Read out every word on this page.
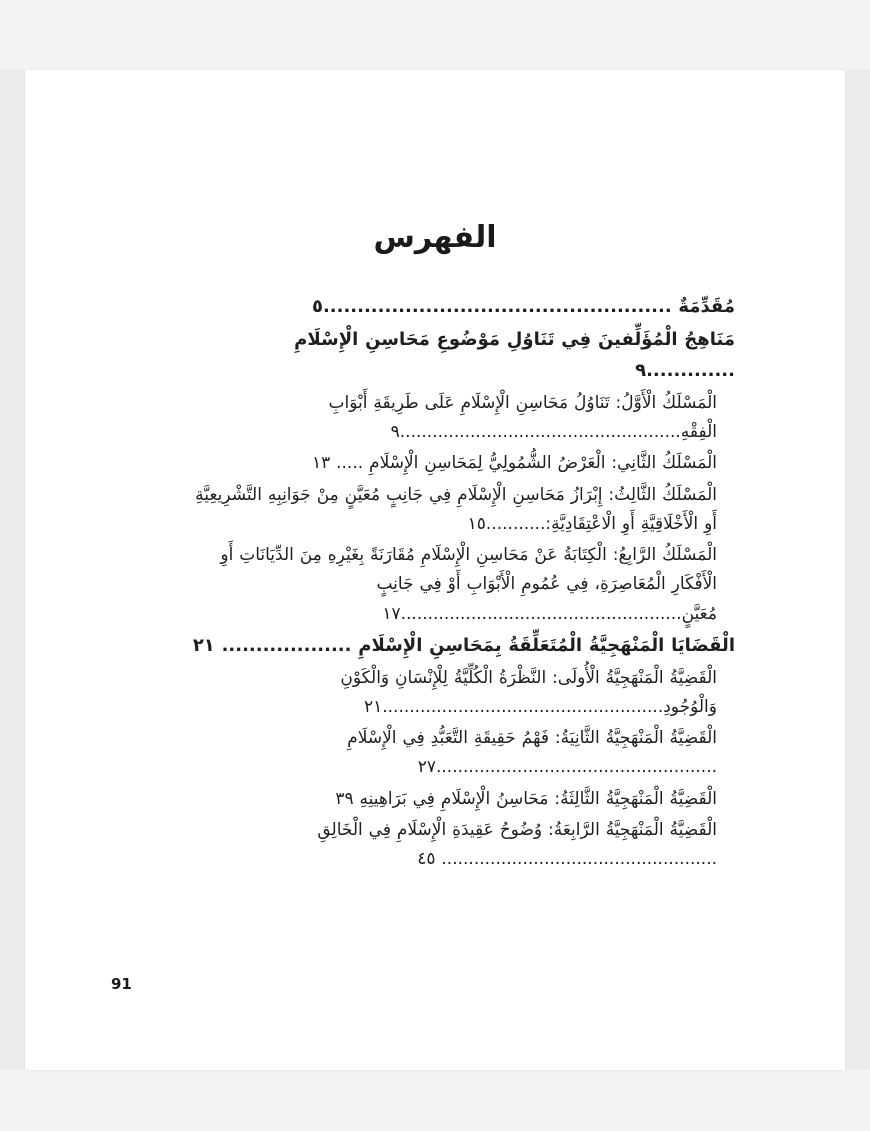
الفهرس
مُقَدِّمَةٌ ...................................................٥
مَنَاهِجُ الْمُؤَلِّفينَ فِي تَنَاوُلِ مَوْضُوعِ مَحَاسِنِ الْإِسْلَامِ .............٩
الْمَسْلَكُ الْأَوَّلُ: تَنَاوُلُ مَحَاسِنِ الْإِسْلَامِ عَلَى طَرِيقَةِ أَبْوَابِ الْفِقْهِ....................................................٩
الْمَسْلَكُ الثَّانِي: الْعَرْضُ الشُّمُولِيُّ لِمَحَاسِنِ الْإِسْلَامِ ..... ١٣
الْمَسْلَكُ الثَّالِثُ: إِبْرَازُ مَحَاسِنِ الْإِسْلَامِ فِي جَانِبٍ مُعَيَّنٍ مِنْ جَوَانِبِهِ التَّشْرِيعِيَّةِ أَوِ الْأَخْلَاقِيَّةِ أَوِ الْاعْتِقَادِيَّةِ:...........١٥
الْمَسْلَكُ الرَّابِعُ: الْكِتَابَةُ عَنْ مَحَاسِنِ الْإِسْلَامِ مُقَارَنَةً بِغَيْرِهِ مِنَ الدِّيَانَاتِ أَوِ الْأَفْكَارِ الْمُعَاصِرَةِ، فِي عُمُومِ الْأَبْوَابِ أَوْ فِي جَانِبٍ مُعَيَّنٍ....................................................١٧
الْقَضَايَا الْمَنْهَجِيَّةُ الْمُتَعَلِّقَةُ بِمَحَاسِنِ الْإِسْلَامِ ................... ٢١
الْقَضِيَّةُ الْمَنْهَجِيَّةُ الْأُولَى: النَّظْرَةُ الْكُلِّيَّةُ لِلْإِنْسَانِ وَالْكَوْنِ وَالْوُجُودِ....................................................٢١
الْقَضِيَّةُ الْمَنْهَجِيَّةُ الثَّانِيَةُ: فَهْمُ حَقِيقَةِ التَّعَبُّدِ فِي الْإِسْلَامِ ....................................................٢٧
الْقَضِيَّةُ الْمَنْهَجِيَّةُ الثَّالِثَةُ: مَحَاسِنُ الْإِسْلَامِ فِي بَرَاهِينِهِ ٣٩
الْقَضِيَّةُ الْمَنْهَجِيَّةُ الرَّابِعَةُ: وُضُوحُ عَقِيدَةِ الْإِسْلَامِ فِي الْخَالِقِ ................................................... ٤٥
91
